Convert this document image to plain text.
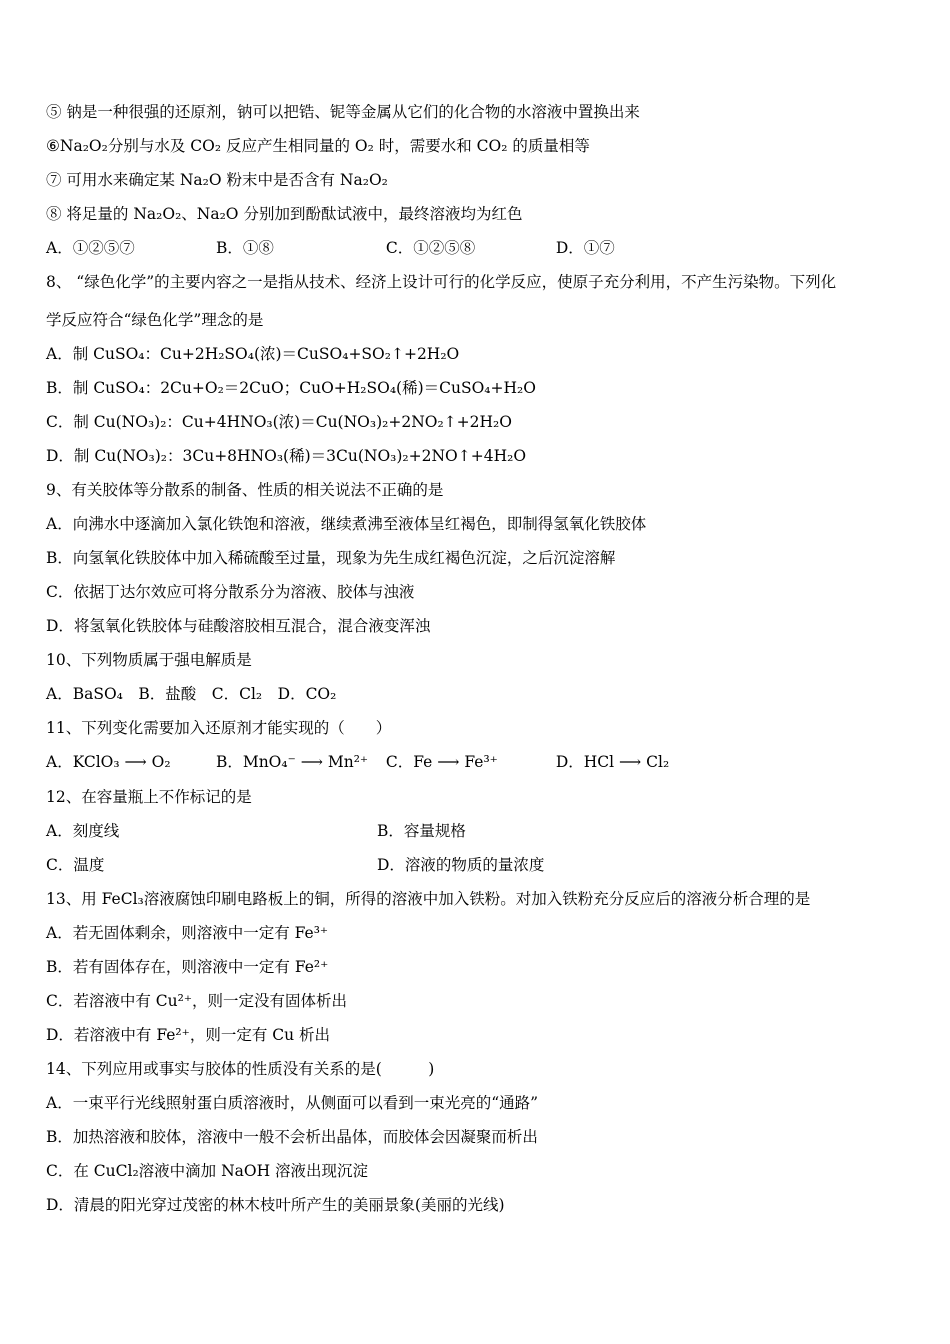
⑤ 钠是一种很强的还原剂，钠可以把锆、铌等金属从它们的化合物的水溶液中置换出来
⑥Na₂O₂分别与水及 CO₂ 反应产生相同量的 O₂ 时，需要水和 CO₂ 的质量相等
⑦ 可用水来确定某 Na₂O 粉末中是否含有 Na₂O₂
⑧ 将足量的 Na₂O₂、Na₂O 分别加到酚酞试液中，最终溶液均为红色
A．①②⑤⑦	B．①⑧	C．①②⑤⑧	D．①⑦
8、 “绿色化学”的主要内容之一是指从技术、经济上设计可行的化学反应，使原子充分利用，不产生污染物。下列化
学反应符合“绿色化学”理念的是
A．制 CuSO₄：Cu+2H₂SO₄(浓)＝CuSO₄+SO₂↑+2H₂O
B．制 CuSO₄：2Cu+O₂＝2CuO；CuO+H₂SO₄(稀)＝CuSO₄+H₂O
C．制 Cu(NO₃)₂：Cu+4HNO₃(浓)＝Cu(NO₃)₂+2NO₂↑+2H₂O
D．制 Cu(NO₃)₂：3Cu+8HNO₃(稀)＝3Cu(NO₃)₂+2NO↑+4H₂O
9、有关胶体等分散系的制备、性质的相关说法不正确的是
A．向沸水中逐滴加入氯化铁饱和溶液，继续煮沸至液体呈红褐色，即制得氢氧化铁胶体
B．向氢氧化铁胶体中加入稀硫酸至过量，现象为先生成红褐色沉淀，之后沉淀溶解
C．依据丁达尔效应可将分散系分为溶液、胶体与浊液
D．将氢氧化铁胶体与硅酸溶胶相互混合，混合液变浑浊
10、下列物质属于强电解质是
A．BaSO₄　B．盐酸　C．Cl₂　D．CO₂
11、下列变化需要加入还原剂才能实现的（　　）
A．KClO₃ ⟶ O₂	B．MnO₄⁻ ⟶ Mn²⁺ C．Fe ⟶ Fe³⁺	D．HCl ⟶ Cl₂
12、在容量瓶上不作标记的是
A．刻度线	B．容量规格
C．温度	D．溶液的物质的量浓度
13、用 FeCl₃溶液腐蚀印刷电路板上的铜，所得的溶液中加入铁粉。对加入铁粉充分反应后的溶液分析合理的是
A．若无固体剩余，则溶液中一定有 Fe³⁺
B．若有固体存在，则溶液中一定有 Fe²⁺
C．若溶液中有 Cu²⁺，则一定没有固体析出
D．若溶液中有 Fe²⁺，则一定有 Cu 析出
14、下列应用或事实与胶体的性质没有关系的是(　　　)
A．一束平行光线照射蛋白质溶液时，从侧面可以看到一束光亮的“通路”
B．加热溶液和胶体，溶液中一般不会析出晶体，而胶体会因凝聚而析出
C．在 CuCl₂溶液中滴加 NaOH 溶液出现沉淀
D．清晨的阳光穿过茂密的林木枝叶所产生的美丽景象(美丽的光线)
